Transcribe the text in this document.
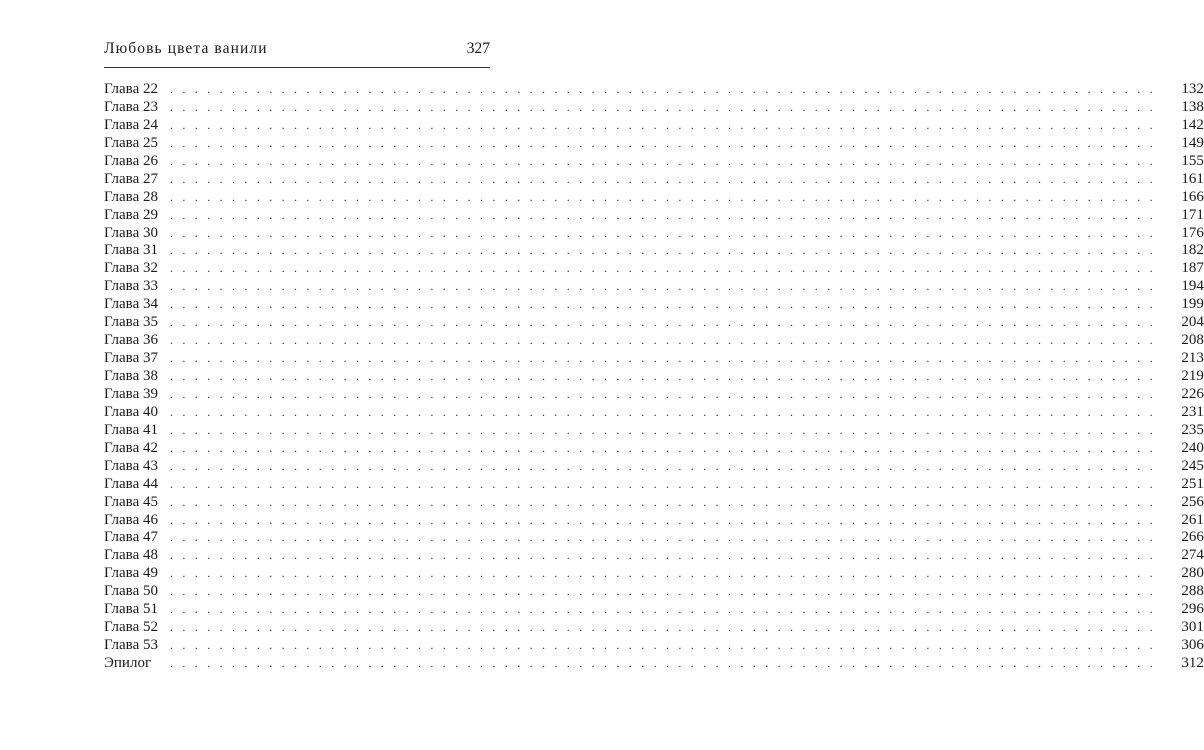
Любовь цвета ванили	327
Глава 22	. . . . . . . . . . . . . . . . . . . . . . . . . . . . . . . . . . . . . . . . . . . . . . . . . . . . . . . . . . . . . . . . . . . . . . . . . . . . . . . .	132
Глава 23	. . . . . . . . . . . . . . . . . . . . . . . . . . . . . . . . . . . . . . . . . . . . . . . . . . . . . . . . . . . . . . . . . . . . . . . . . . . . . . . .	138
Глава 24	. . . . . . . . . . . . . . . . . . . . . . . . . . . . . . . . . . . . . . . . . . . . . . . . . . . . . . . . . . . . . . . . . . . . . . . . . . . . . . . .	142
Глава 25	. . . . . . . . . . . . . . . . . . . . . . . . . . . . . . . . . . . . . . . . . . . . . . . . . . . . . . . . . . . . . . . . . . . . . . . . . . . . . . . .	149
Глава 26	. . . . . . . . . . . . . . . . . . . . . . . . . . . . . . . . . . . . . . . . . . . . . . . . . . . . . . . . . . . . . . . . . . . . . . . . . . . . . . . .	155
Глава 27	. . . . . . . . . . . . . . . . . . . . . . . . . . . . . . . . . . . . . . . . . . . . . . . . . . . . . . . . . . . . . . . . . . . . . . . . . . . . . . . .	161
Глава 28	. . . . . . . . . . . . . . . . . . . . . . . . . . . . . . . . . . . . . . . . . . . . . . . . . . . . . . . . . . . . . . . . . . . . . . . . . . . . . . . .	166
Глава 29	. . . . . . . . . . . . . . . . . . . . . . . . . . . . . . . . . . . . . . . . . . . . . . . . . . . . . . . . . . . . . . . . . . . . . . . . . . . . . . . .	171
Глава 30	. . . . . . . . . . . . . . . . . . . . . . . . . . . . . . . . . . . . . . . . . . . . . . . . . . . . . . . . . . . . . . . . . . . . . . . . . . . . . . . .	176
Глава 31	. . . . . . . . . . . . . . . . . . . . . . . . . . . . . . . . . . . . . . . . . . . . . . . . . . . . . . . . . . . . . . . . . . . . . . . . . . . . . . . .	182
Глава 32	. . . . . . . . . . . . . . . . . . . . . . . . . . . . . . . . . . . . . . . . . . . . . . . . . . . . . . . . . . . . . . . . . . . . . . . . . . . . . . . .	187
Глава 33	. . . . . . . . . . . . . . . . . . . . . . . . . . . . . . . . . . . . . . . . . . . . . . . . . . . . . . . . . . . . . . . . . . . . . . . . . . . . . . . .	194
Глава 34	. . . . . . . . . . . . . . . . . . . . . . . . . . . . . . . . . . . . . . . . . . . . . . . . . . . . . . . . . . . . . . . . . . . . . . . . . . . . . . . .	199
Глава 35	. . . . . . . . . . . . . . . . . . . . . . . . . . . . . . . . . . . . . . . . . . . . . . . . . . . . . . . . . . . . . . . . . . . . . . . . . . . . . . . .	204
Глава 36	. . . . . . . . . . . . . . . . . . . . . . . . . . . . . . . . . . . . . . . . . . . . . . . . . . . . . . . . . . . . . . . . . . . . . . . . . . . . . . . .	208
Глава 37	. . . . . . . . . . . . . . . . . . . . . . . . . . . . . . . . . . . . . . . . . . . . . . . . . . . . . . . . . . . . . . . . . . . . . . . . . . . . . . . .	213
Глава 38	. . . . . . . . . . . . . . . . . . . . . . . . . . . . . . . . . . . . . . . . . . . . . . . . . . . . . . . . . . . . . . . . . . . . . . . . . . . . . . . .	219
Глава 39	. . . . . . . . . . . . . . . . . . . . . . . . . . . . . . . . . . . . . . . . . . . . . . . . . . . . . . . . . . . . . . . . . . . . . . . . . . . . . . . .	226
Глава 40	. . . . . . . . . . . . . . . . . . . . . . . . . . . . . . . . . . . . . . . . . . . . . . . . . . . . . . . . . . . . . . . . . . . . . . . . . . . . . . . .	231
Глава 41	. . . . . . . . . . . . . . . . . . . . . . . . . . . . . . . . . . . . . . . . . . . . . . . . . . . . . . . . . . . . . . . . . . . . . . . . . . . . . . . .	235
Глава 42	. . . . . . . . . . . . . . . . . . . . . . . . . . . . . . . . . . . . . . . . . . . . . . . . . . . . . . . . . . . . . . . . . . . . . . . . . . . . . . . .	240
Глава 43	. . . . . . . . . . . . . . . . . . . . . . . . . . . . . . . . . . . . . . . . . . . . . . . . . . . . . . . . . . . . . . . . . . . . . . . . . . . . . . . .	245
Глава 44	. . . . . . . . . . . . . . . . . . . . . . . . . . . . . . . . . . . . . . . . . . . . . . . . . . . . . . . . . . . . . . . . . . . . . . . . . . . . . . . .	251
Глава 45	. . . . . . . . . . . . . . . . . . . . . . . . . . . . . . . . . . . . . . . . . . . . . . . . . . . . . . . . . . . . . . . . . . . . . . . . . . . . . . . .	256
Глава 46	. . . . . . . . . . . . . . . . . . . . . . . . . . . . . . . . . . . . . . . . . . . . . . . . . . . . . . . . . . . . . . . . . . . . . . . . . . . . . . . .	261
Глава 47	. . . . . . . . . . . . . . . . . . . . . . . . . . . . . . . . . . . . . . . . . . . . . . . . . . . . . . . . . . . . . . . . . . . . . . . . . . . . . . . .	266
Глава 48	. . . . . . . . . . . . . . . . . . . . . . . . . . . . . . . . . . . . . . . . . . . . . . . . . . . . . . . . . . . . . . . . . . . . . . . . . . . . . . . .	274
Глава 49	. . . . . . . . . . . . . . . . . . . . . . . . . . . . . . . . . . . . . . . . . . . . . . . . . . . . . . . . . . . . . . . . . . . . . . . . . . . . . . . .	280
Глава 50	. . . . . . . . . . . . . . . . . . . . . . . . . . . . . . . . . . . . . . . . . . . . . . . . . . . . . . . . . . . . . . . . . . . . . . . . . . . . . . . .	288
Глава 51	. . . . . . . . . . . . . . . . . . . . . . . . . . . . . . . . . . . . . . . . . . . . . . . . . . . . . . . . . . . . . . . . . . . . . . . . . . . . . . . .	296
Глава 52	. . . . . . . . . . . . . . . . . . . . . . . . . . . . . . . . . . . . . . . . . . . . . . . . . . . . . . . . . . . . . . . . . . . . . . . . . . . . . . . .	301
Глава 53	. . . . . . . . . . . . . . . . . . . . . . . . . . . . . . . . . . . . . . . . . . . . . . . . . . . . . . . . . . . . . . . . . . . . . . . . . . . . . . . .	306
Эпилог	. . . . . . . . . . . . . . . . . . . . . . . . . . . . . . . . . . . . . . . . . . . . . . . . . . . . . . . . . . . . . . . . . . . . . . . . . . . . . . . .	312
